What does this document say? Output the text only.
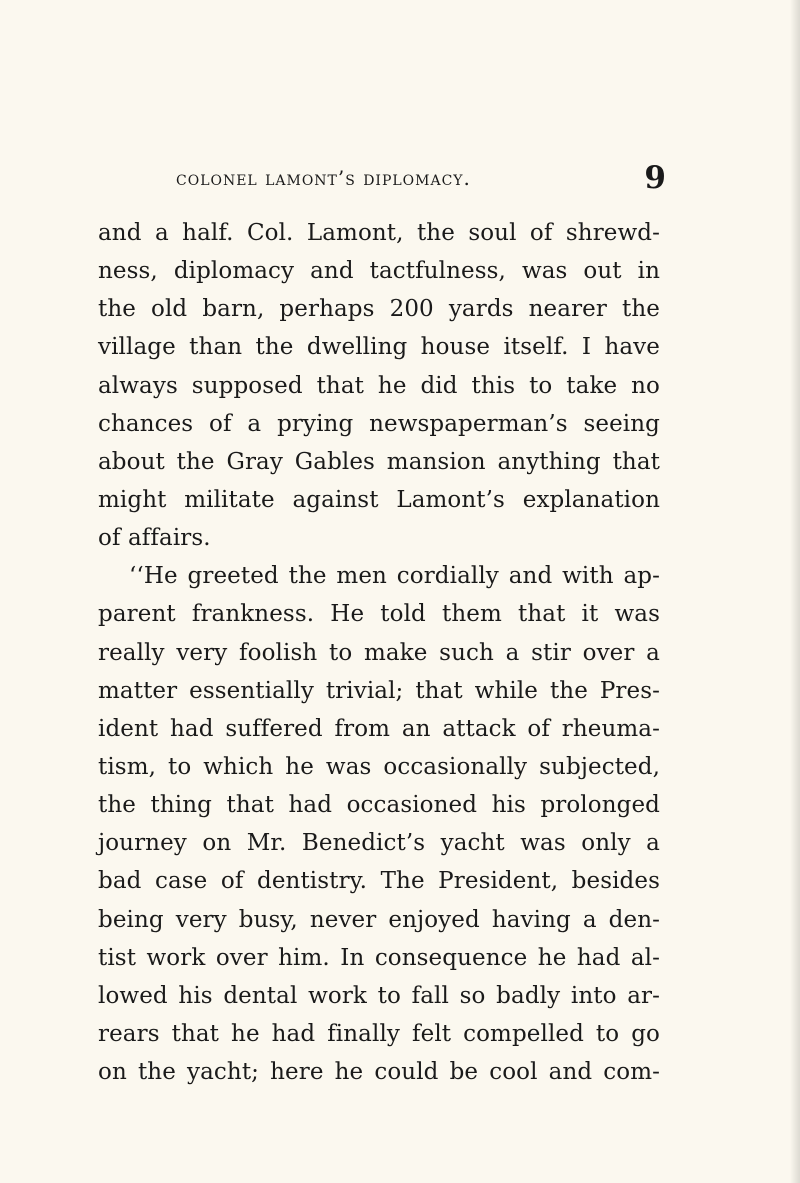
colonel lamont’s diplomacy.	9
and a half. Col. Lamont, the soul of shrewd-
ness, diplomacy and tactfulness, was out in
the old barn, perhaps 200 yards nearer the
village than the dwelling house itself. I have
always supposed that he did this to take no
chances of a prying newspaperman’s seeing
about the Gray Gables mansion anything that
might militate against Lamont’s explanation
of affairs.
‘‘He greeted the men cordially and with ap-
parent frankness. He told them that it was
really very foolish to make such a stir over a
matter essentially trivial; that while the Pres-
ident had suffered from an attack of rheuma-
tism, to which he was occasionally subjected,
the thing that had occasioned his prolonged
journey on Mr. Benedict’s yacht was only a
bad case of dentistry. The President, besides
being very busy, never enjoyed having a den-
tist work over him. In consequence he had al-
lowed his dental work to fall so badly into ar-
rears that he had finally felt compelled to go
on the yacht; here he could be cool and com-
